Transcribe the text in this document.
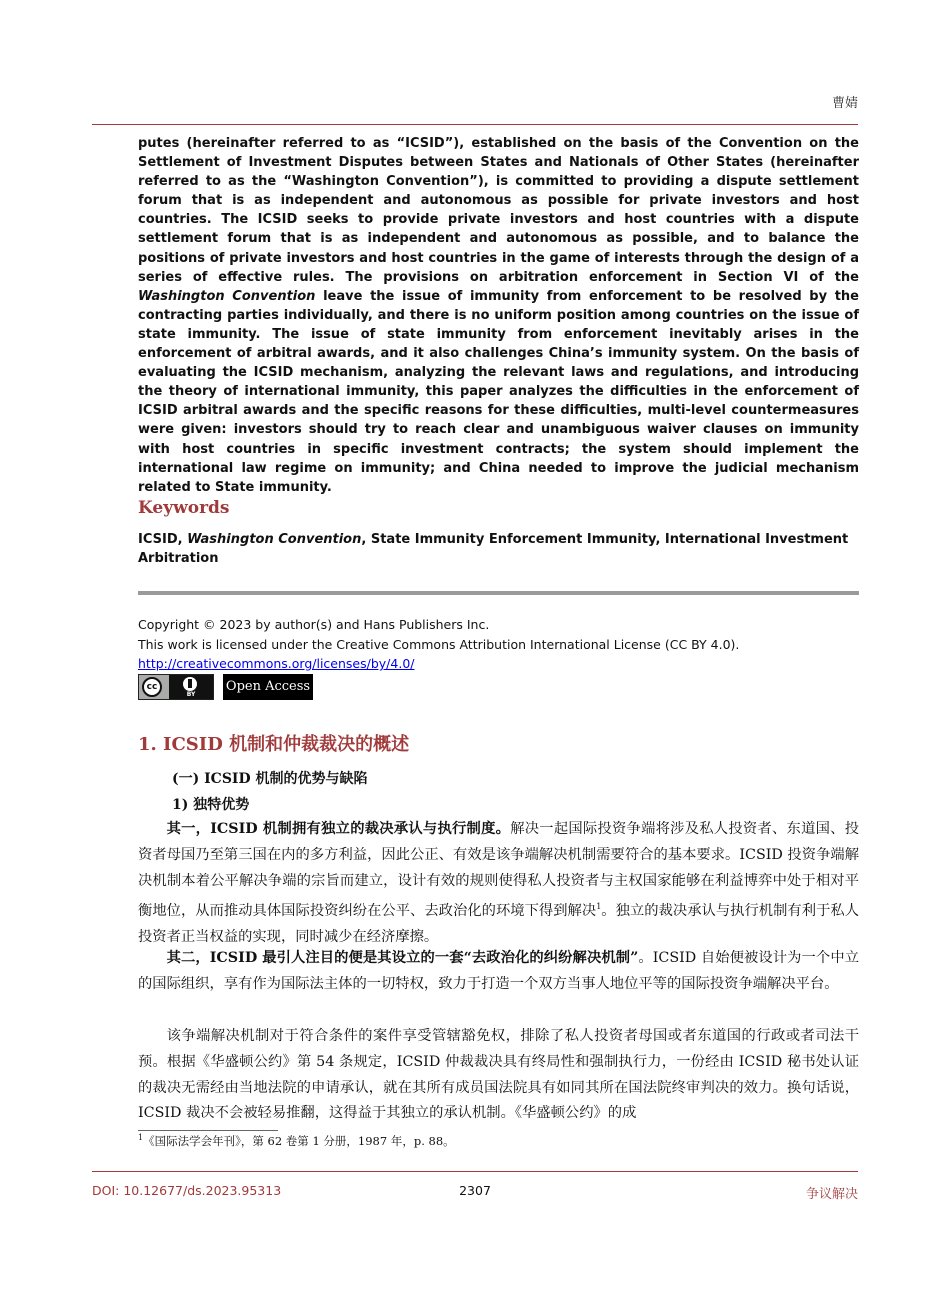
曹婧

putes (hereinafter referred to as “ICSID”), established on the basis of the Convention on the Settlement of Investment Disputes between States and Nationals of Other States (hereinafter referred to as the “Washington Convention”), is committed to providing a dispute settlement forum that is as independent and autonomous as possible for private investors and host countries. The ICSID seeks to provide private investors and host countries with a dispute settlement forum that is as independent and autonomous as possible, and to balance the positions of private investors and host countries in the game of interests through the design of a series of effective rules. The provisions on arbitration enforcement in Section VI of the Washington Convention leave the issue of immunity from enforcement to be resolved by the contracting parties individually, and there is no uniform position among countries on the issue of state immunity. The issue of state immunity from enforcement inevitably arises in the enforcement of arbitral awards, and it also challenges China’s immunity system. On the basis of evaluating the ICSID mechanism, analyzing the relevant laws and regulations, and introducing the theory of international immunity, this paper analyzes the difficulties in the enforcement of ICSID arbitral awards and the specific reasons for these difficulties, multi-level countermeasures were given: investors should try to reach clear and unambiguous waiver clauses on immunity with host countries in specific investment contracts; the system should implement the international law regime on immunity; and China needed to improve the judicial mechanism related to State immunity.

Keywords

ICSID, Washington Convention, State Immunity Enforcement Immunity, International Investment Arbitration

Copyright © 2023 by author(s) and Hans Publishers Inc.
This work is licensed under the Creative Commons Attribution International License (CC BY 4.0).
http://creativecommons.org/licenses/by/4.0/
cc
BY
Open Access
1. ICSID 机制和仲裁裁决的概述
(一) ICSID 机制的优势与缺陷
1) 独特优势

其一，ICSID 机制拥有独立的裁决承认与执行制度。解决一起国际投资争端将涉及私人投资者、东道国、投资者母国乃至第三国在内的多方利益，因此公正、有效是该争端解决机制需要符合的基本要求。ICSID 投资争端解决机制本着公平解决争端的宗旨而建立，设计有效的规则使得私人投资者与主权国家能够在利益博弈中处于相对平衡地位，从而推动具体国际投资纠纷在公平、去政治化的环境下得到解决$^1$。独立的裁决承认与执行机制有利于私人投资者正当权益的实现，同时减少在经济摩擦。

其二，ICSID 最引人注目的便是其设立的一套“去政治化的纠纷解决机制”。ICSID 自始便被设计为一个中立的国际组织，享有作为国际法主体的一切特权，致力于打造一个双方当事人地位平等的国际投资争端解决平台。

该争端解决机制对于符合条件的案件享受管辖豁免权，排除了私人投资者母国或者东道国的行政或者司法干预。根据《华盛顿公约》第 54 条规定，ICSID 仲裁裁决具有终局性和强制执行力，一份经由 ICSID 秘书处认证的裁决无需经由当地法院的申请承认，就在其所有成员国法院具有如同其所在国法院终审判决的效力。换句话说，ICSID 裁决不会被轻易推翻，这得益于其独立的承认机制。《华盛顿公约》的成

$^1$《国际法学会年刊》，第 62 卷第 1 分册，1987 年，p. 88。
DOI: 10.12677/ds.2023.95313	2307	争议解决
